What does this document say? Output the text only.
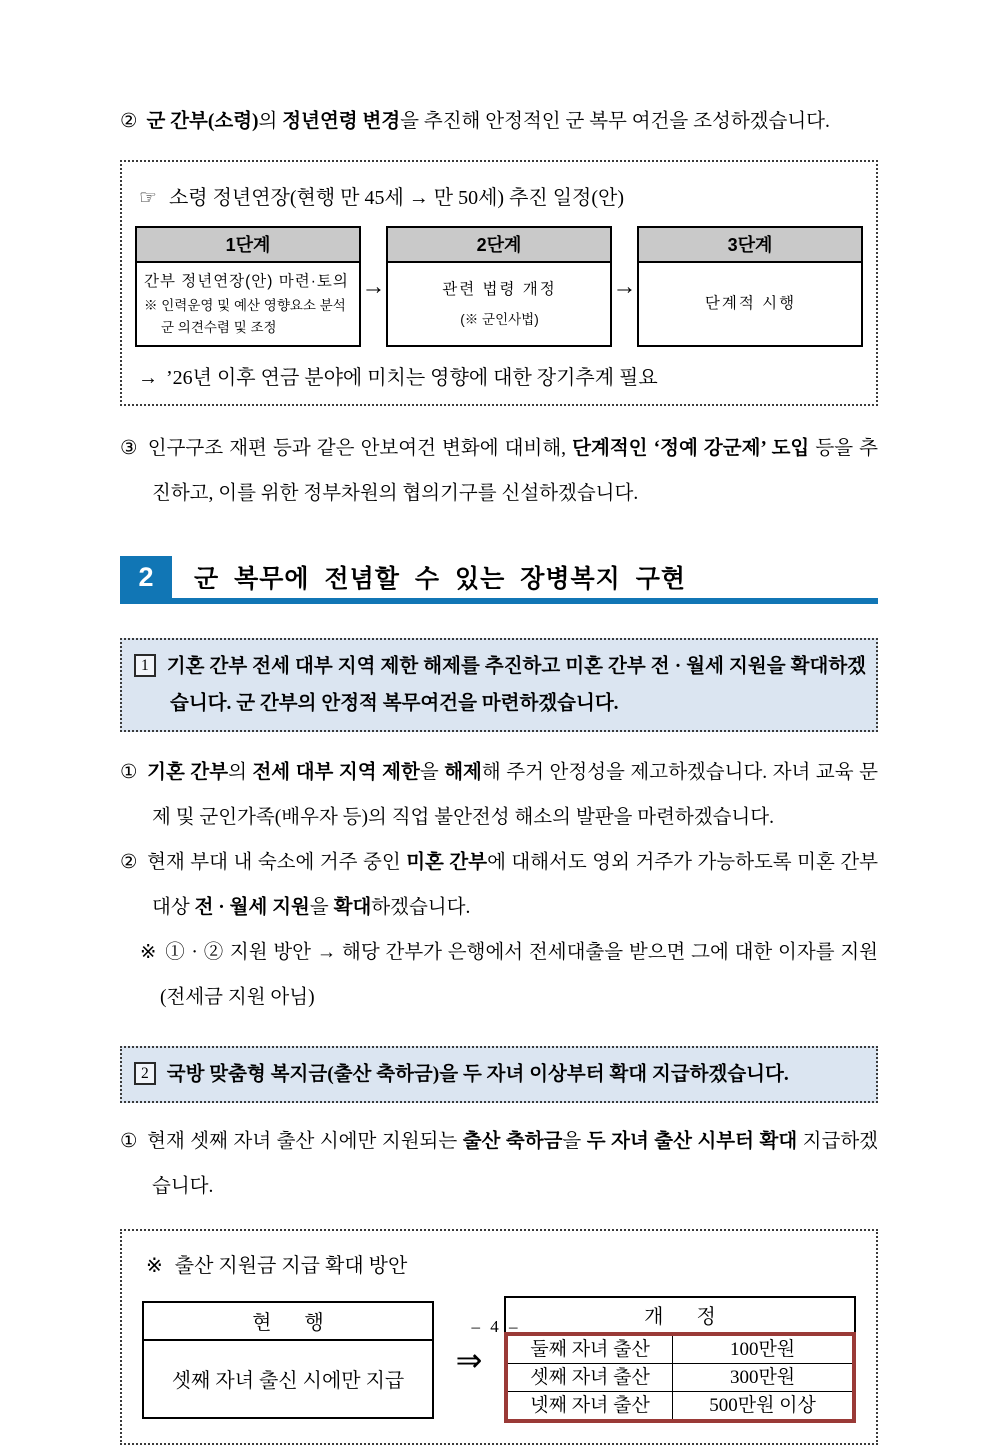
② 군 간부(소령)의 정년연령 변경을 추진해 안정적인 군 복무 여건을 조성하겠습니다.

☞ 소령 정년연장(현행 만 45세 → 만 50세) 추진 일정(안)
1단계
간부 정년연장(안) 마련·토의
※ 인력운영 및 예산 영향요소 분석
군 의견수렴 및 조정
→
2단계
관련 법령 개정
(※ 군인사법)
→
3단계
단계적 시행
→ ’26년 이후 연금 분야에 미치는 영향에 대한 장기추계 필요

③ 인구구조 재편 등과 같은 안보여건 변화에 대비해, 단계적인 ‘정예 강군제’ 도입 등을 추진하고, 이를 위한 정부차원의 협의기구를 신설하겠습니다.

2	군 복무에 전념할 수 있는 장병복지 구현
1 기혼 간부 전세 대부 지역 제한 해제를 추진하고 미혼 간부 전 · 월세 지원을 확대하겠습니다. 군 간부의 안정적 복무여건을 마련하겠습니다.

① 기혼 간부의 전세 대부 지역 제한을 해제해 주거 안정성을 제고하겠습니다. 자녀 교육 문제 및 군인가족(배우자 등)의 직업 불안전성 해소의 발판을 마련하겠습니다.

② 현재 부대 내 숙소에 거주 중인 미혼 간부에 대해서도 영외 거주가 가능하도록 미혼 간부 대상 전 · 월세 지원을 확대하겠습니다.

※ ① · ② 지원 방안 → 해당 간부가 은행에서 전세대출을 받으면 그에 대한 이자를 지원 (전세금 지원 아님)

2 국방 맞춤형 복지금(출산 축하금)을 두 자녀 이상부터 확대 지급하겠습니다.

① 현재 셋째 자녀 출산 시에만 지원되는 출산 축하금을 두 자녀 출산 시부터 확대 지급하겠습니다.

※ 출산 지원금 지급 확대 방안
현 행
셋째 자녀 출신 시에만 지급
⇒
개 정
둘째 자녀 출산	100만원
셋째 자녀 출산	300만원
넷째 자녀 출산	500만원 이상
– 4 –
